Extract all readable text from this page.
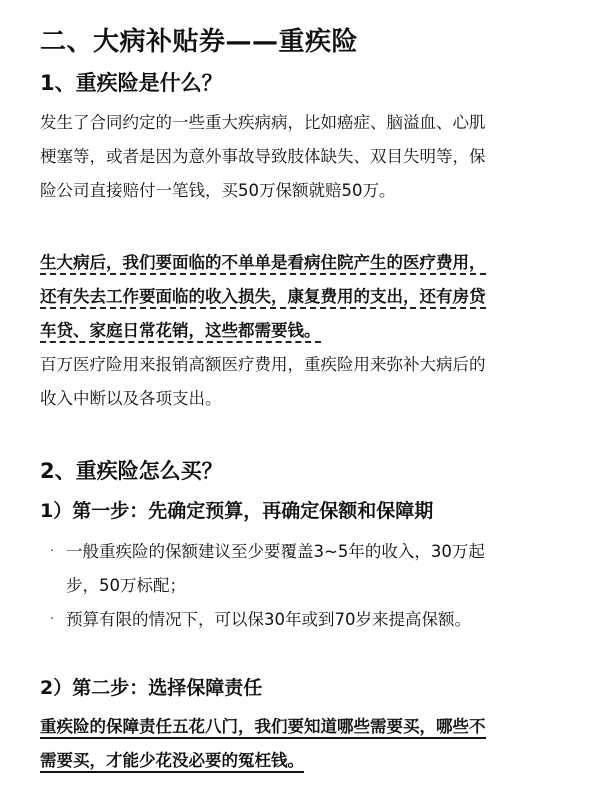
二、大病补贴券——重疾险
1、重疾险是什么？
发生了合同约定的一些重大疾病病，比如癌症、脑溢血、心肌
梗塞等，或者是因为意外事故导致肢体缺失、双目失明等，保
险公司直接赔付一笔钱，买50万保额就赔50万。
生大病后，我们要面临的不单单是看病住院产生的医疗费用，
还有失去工作要面临的收入损失，康复费用的支出，还有房贷
车贷、家庭日常花销，这些都需要钱。
百万医疗险用来报销高额医疗费用，重疾险用来弥补大病后的
收入中断以及各项支出。
2、重疾险怎么买？
1）第一步：先确定预算，再确定保额和保障期
· 一般重疾险的保额建议至少要覆盖3~5年的收入，30万起
步，50万标配；
· 预算有限的情况下，可以保30年或到70岁来提高保额。
2）第二步：选择保障责任
重疾险的保障责任五花八门，我们要知道哪些需要买，哪些不
需要买，才能少花没必要的冤枉钱。
